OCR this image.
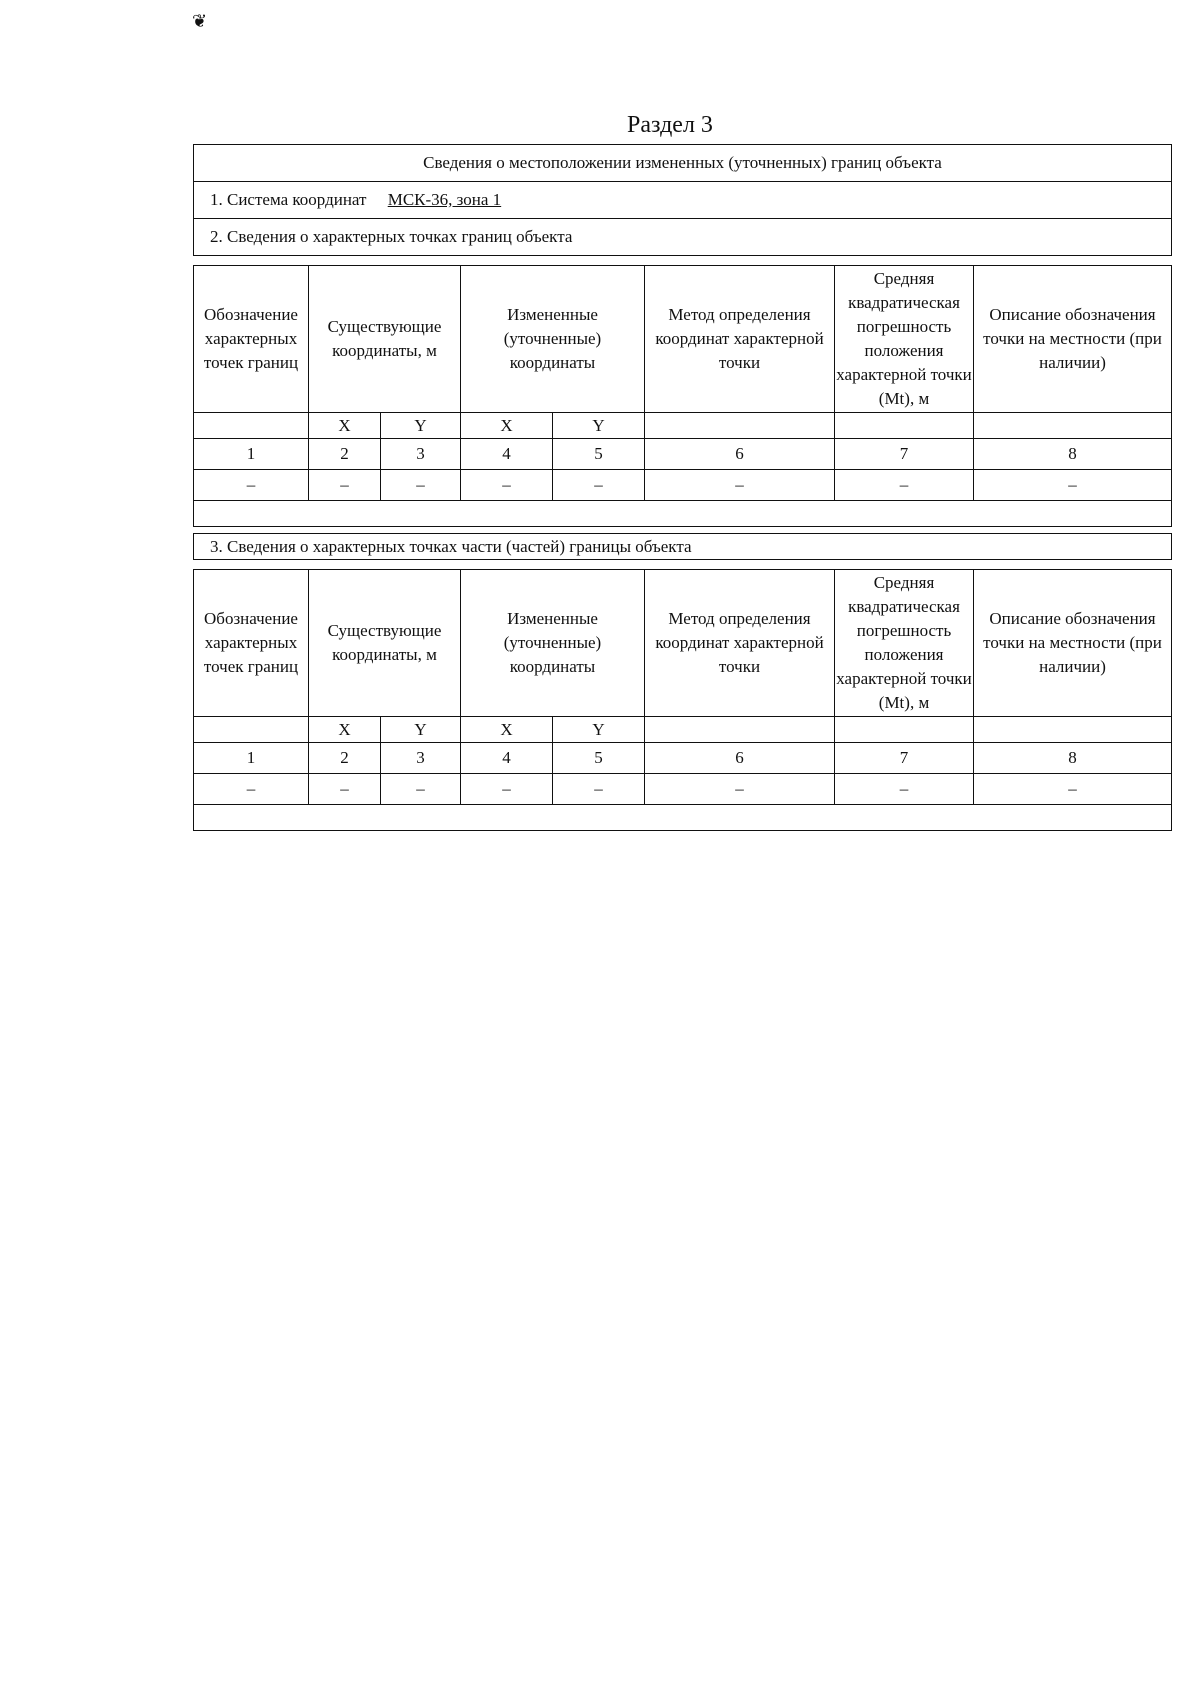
❦
Раздел 3
Сведения о местоположении измененных (уточненных) границ объекта
1. Система координат МСК-36, зона 1
2. Сведения о характерных точках границ объекта
Обозначение характерных точек границ	Существующие координаты, м		Измененные (уточненные) координаты		Метод определения координат характерной точки	Средняя квадратическая погрешность положения характерной точки (Mt), м	Описание обозначения точки на местности (при наличии)
	X	Y	X	Y			
1	2	3	4	5	6	7	8
–	–	–	–	–	–	–	–

3. Сведения о характерных точках части (частей) границы объекта
Обозначение характерных точек границ	Существующие координаты, м		Измененные (уточненные) координаты		Метод определения координат характерной точки	Средняя квадратическая погрешность положения характерной точки (Mt), м	Описание обозначения точки на местности (при наличии)
	X	Y	X	Y			
1	2	3	4	5	6	7	8
–	–	–	–	–	–	–	–
